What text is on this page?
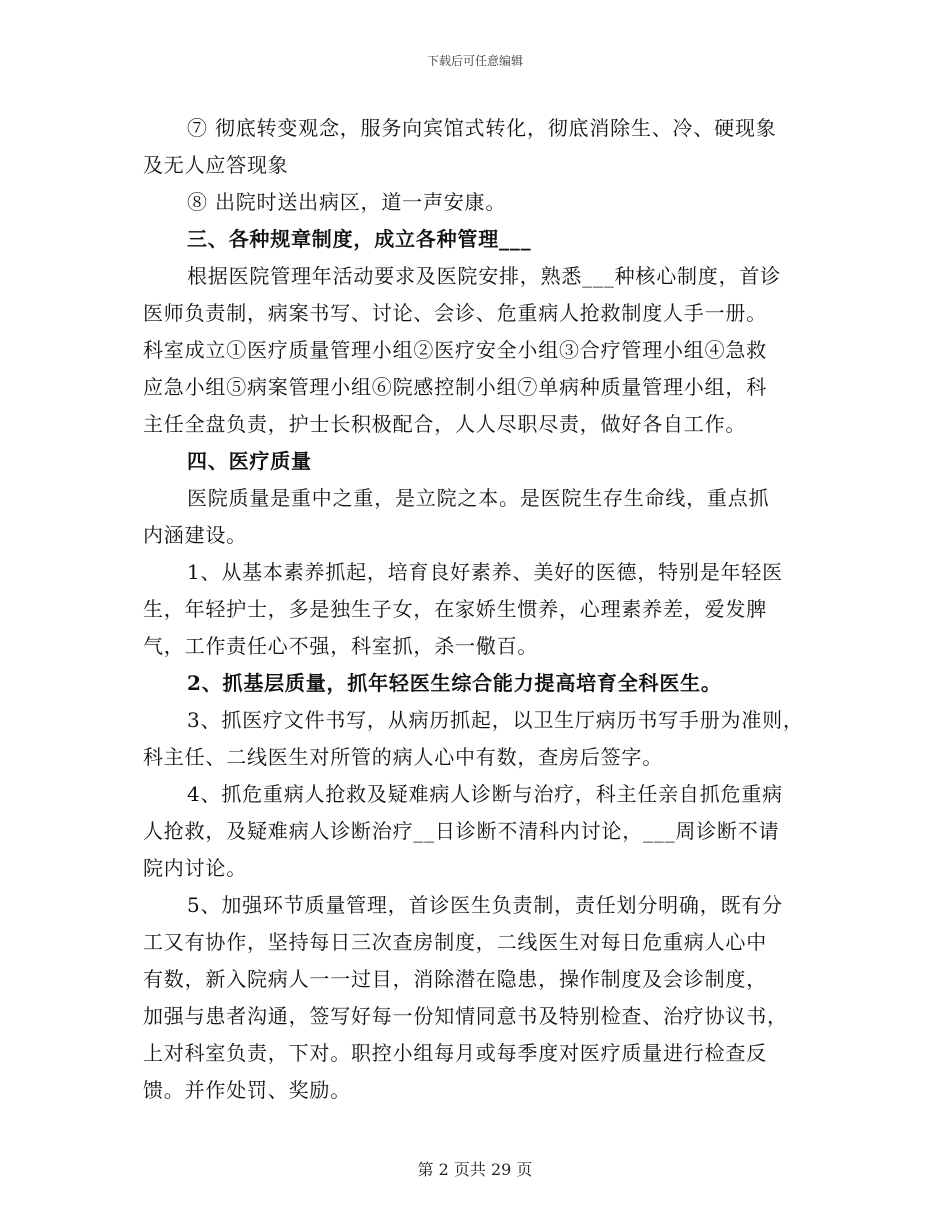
下载后可任意编辑
⑦ 彻底转变观念，服务向宾馆式转化，彻底消除生、冷、硬现象
及无人应答现象
⑧ 出院时送出病区，道一声安康。
三、各种规章制度，成立各种管理___
根据医院管理年活动要求及医院安排，熟悉___种核心制度，首诊
医师负责制，病案书写、讨论、会诊、危重病人抢救制度人手一册。
科室成立①医疗质量管理小组②医疗安全小组③合疗管理小组④急救
应急小组⑤病案管理小组⑥院感控制小组⑦单病种质量管理小组，科
主任全盘负责，护士长积极配合，人人尽职尽责，做好各自工作。
四、医疗质量
医院质量是重中之重，是立院之本。是医院生存生命线，重点抓
内涵建设。
1、从基本素养抓起，培育良好素养、美好的医德，特别是年轻医
生，年轻护士，多是独生子女，在家娇生惯养，心理素养差，爱发脾
气，工作责任心不强，科室抓，杀一儆百。
2、抓基层质量，抓年轻医生综合能力提高培育全科医生。
3、抓医疗文件书写，从病历抓起，以卫生厅病历书写手册为准则，
科主任、二线医生对所管的病人心中有数，查房后签字。
4、抓危重病人抢救及疑难病人诊断与治疗，科主任亲自抓危重病
人抢救，及疑难病人诊断治疗__日诊断不清科内讨论，___周诊断不请
院内讨论。
5、加强环节质量管理，首诊医生负责制，责任划分明确，既有分
工又有协作，坚持每日三次查房制度，二线医生对每日危重病人心中
有数，新入院病人一一过目，消除潜在隐患，操作制度及会诊制度，
加强与患者沟通，签写好每一份知情同意书及特别检查、治疗协议书，
上对科室负责，下对。职控小组每月或每季度对医疗质量进行检查反
馈。并作处罚、奖励。
第 2 页共 29 页
